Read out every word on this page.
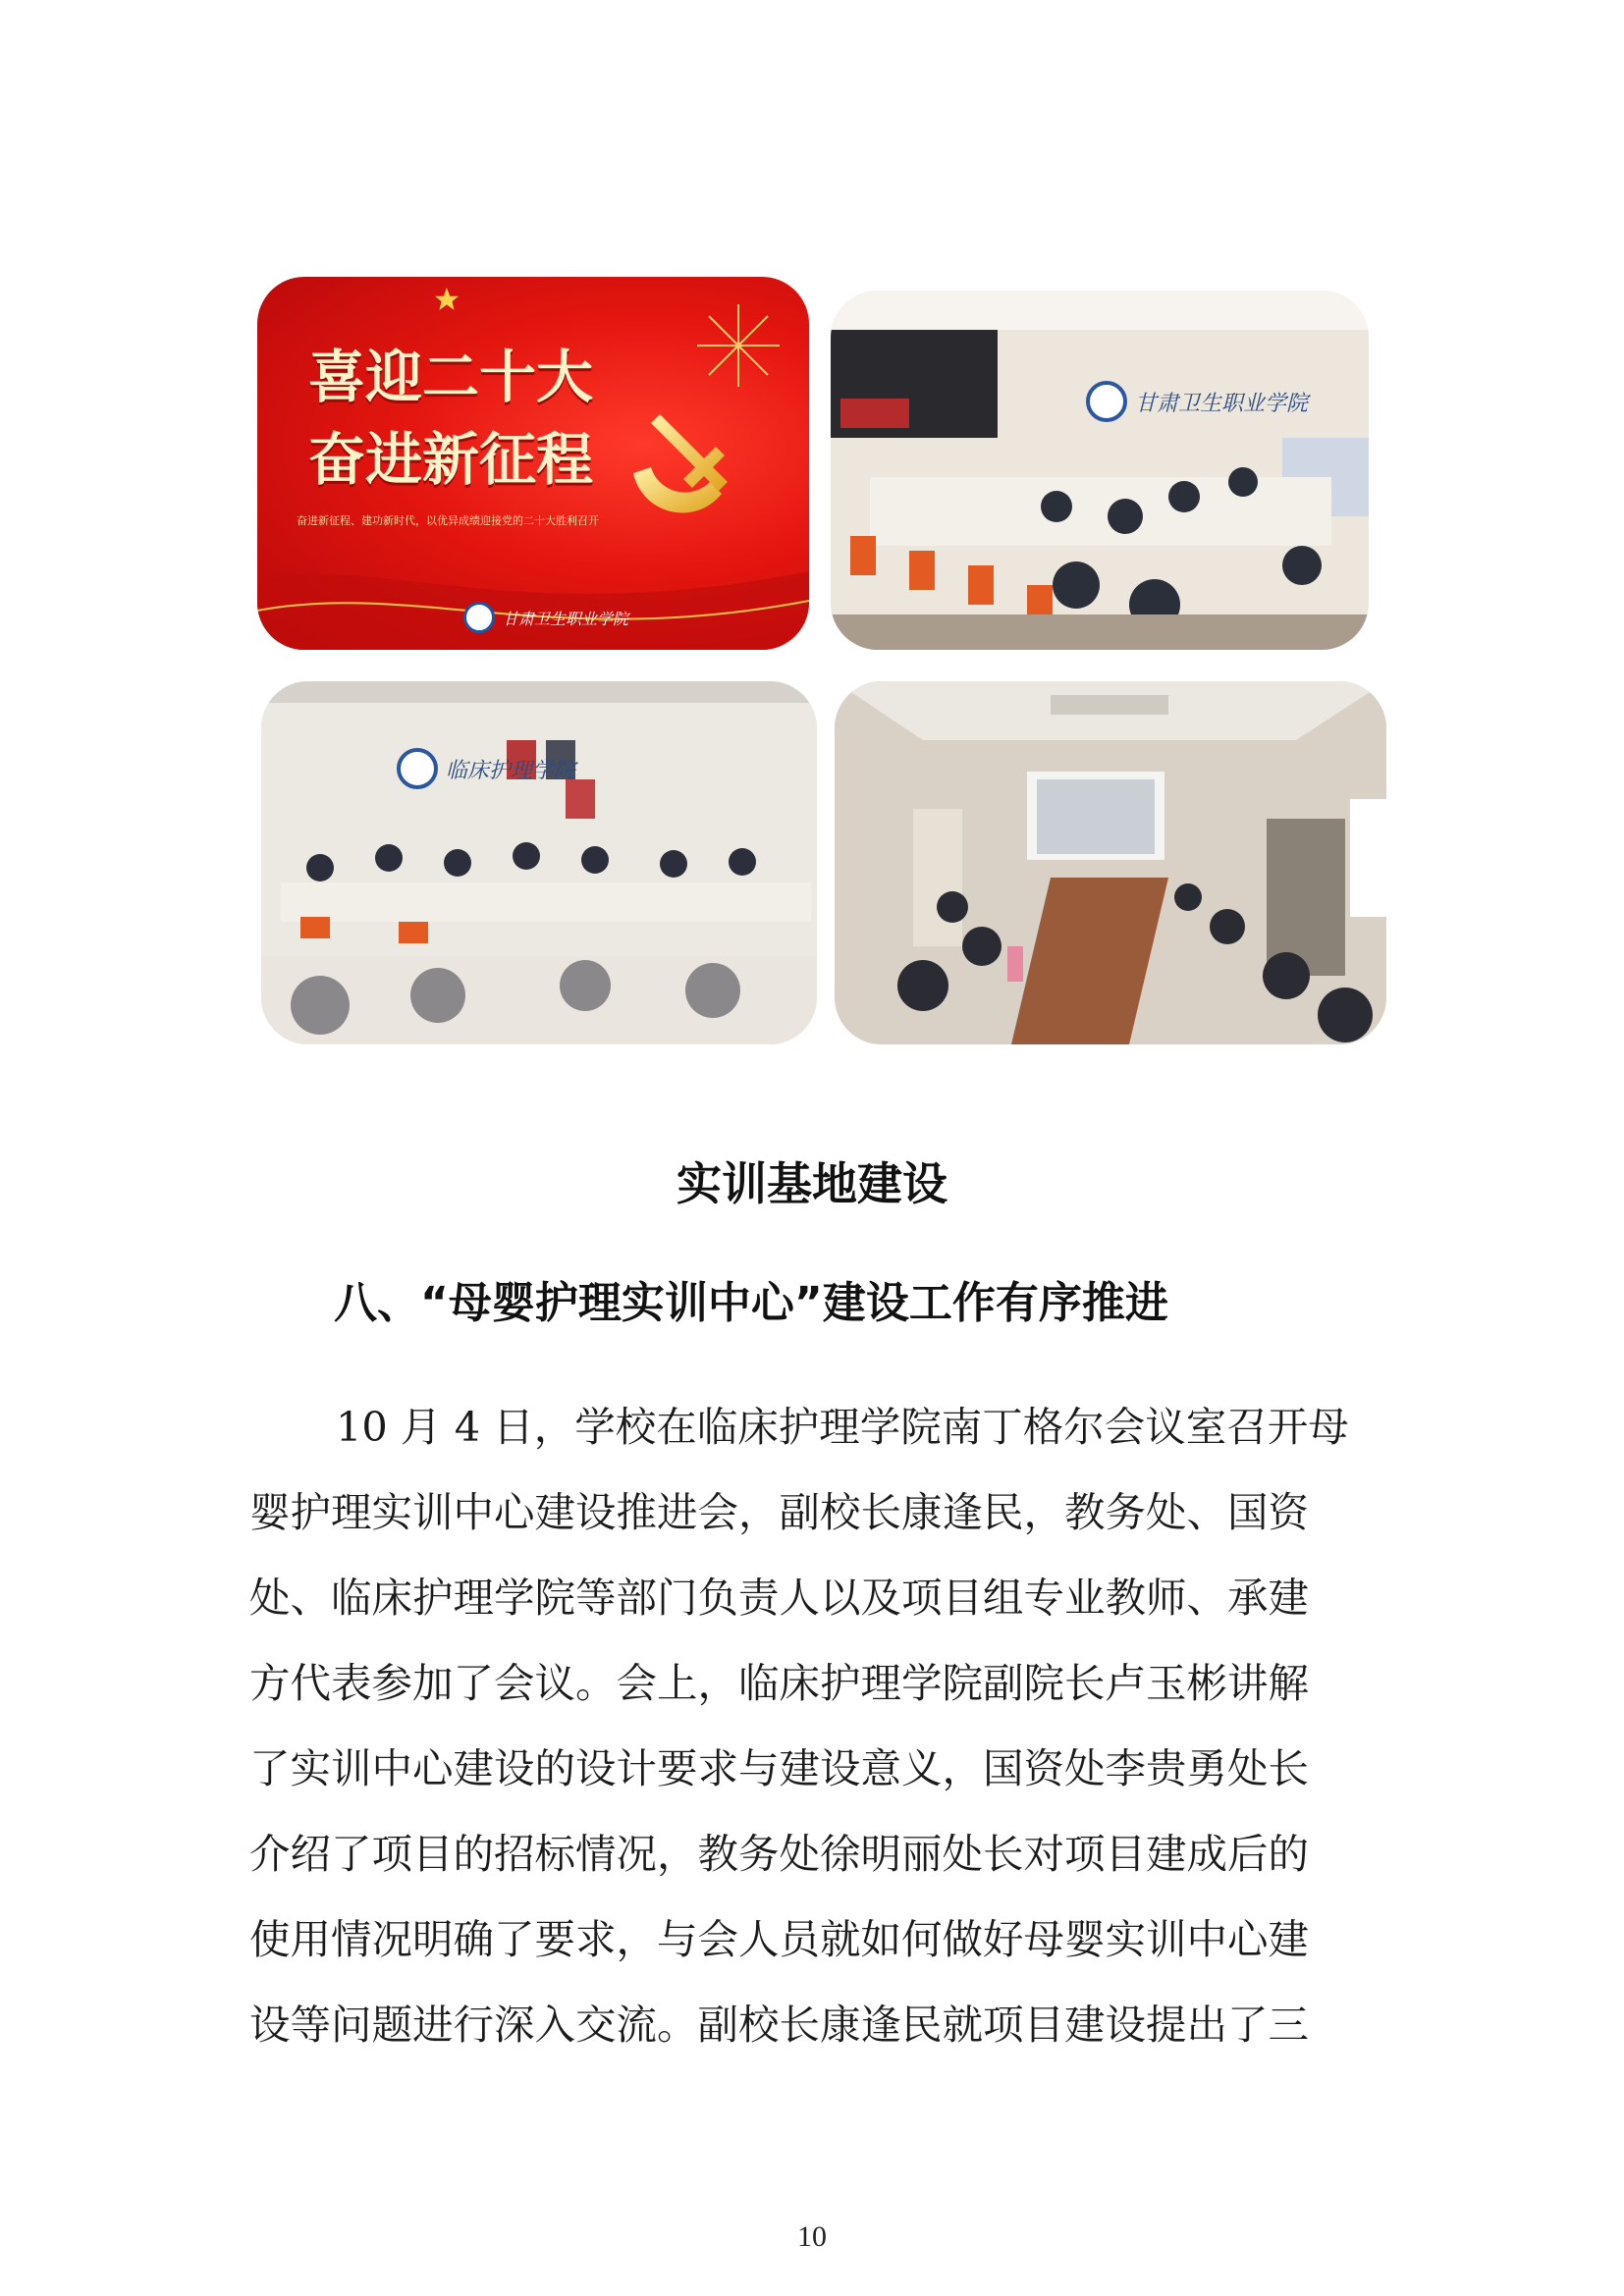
喜迎二十大
奋进新征程
奋进新征程、建功新时代，以优异成绩迎接党的二十大胜利召开
甘肃卫生职业学院
甘肃卫生职业学院
临床护理学院
实训基地建设
八、“母婴护理实训中心”建设工作有序推进
10 月 4 日，学校在临床护理学院南丁格尔会议室召开母
婴护理实训中心建设推进会，副校长康逢民，教务处、国资
处、临床护理学院等部门负责人以及项目组专业教师、承建
方代表参加了会议。会上，临床护理学院副院长卢玉彬讲解
了实训中心建设的设计要求与建设意义，国资处李贵勇处长
介绍了项目的招标情况，教务处徐明丽处长对项目建成后的
使用情况明确了要求，与会人员就如何做好母婴实训中心建
设等问题进行深入交流。副校长康逢民就项目建设提出了三
10
